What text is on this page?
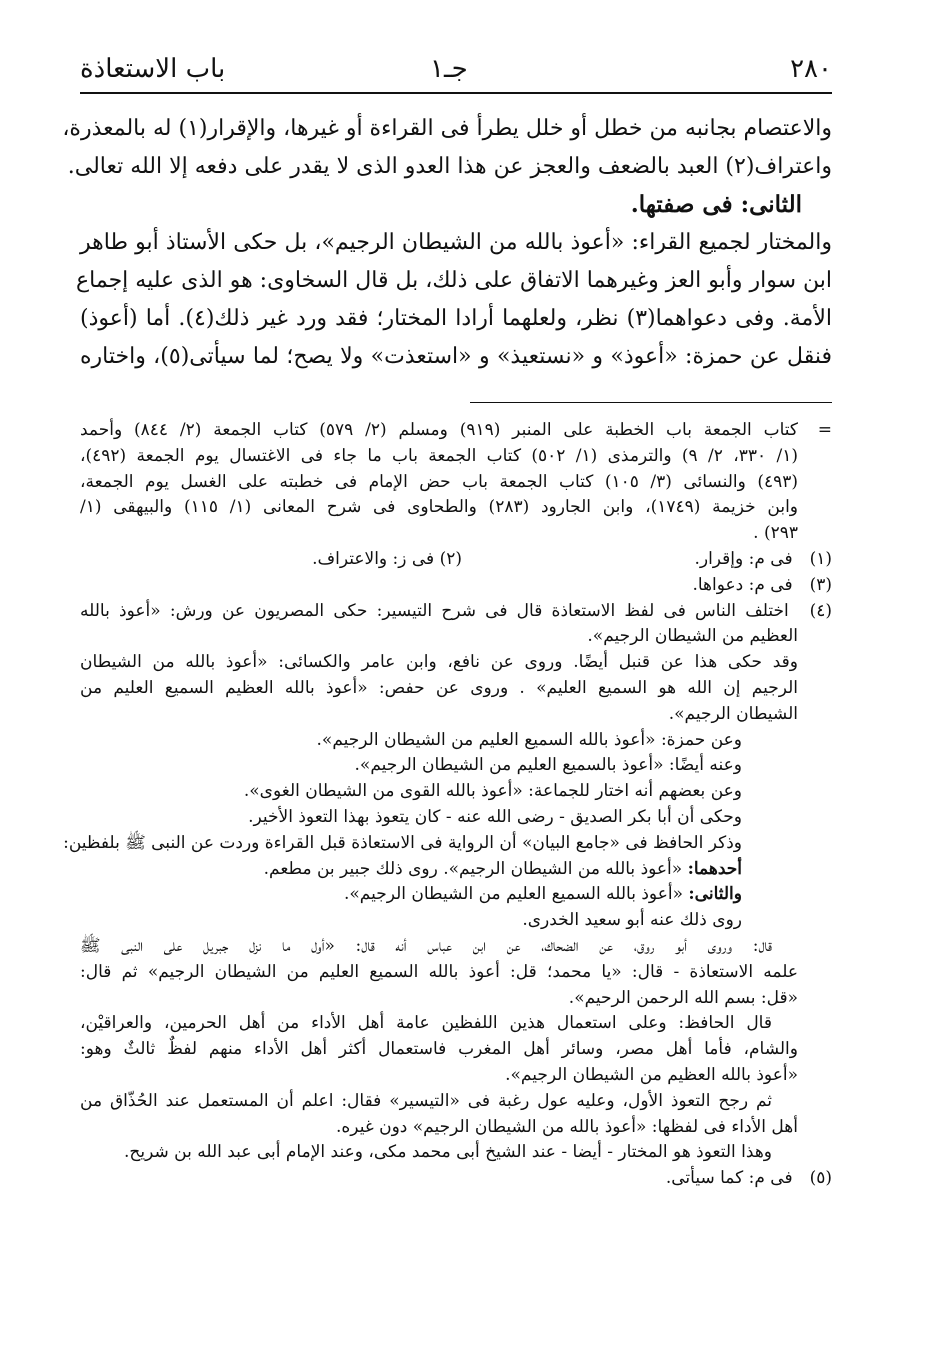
٢٨٠
جـ١
باب الاستعاذة
والاعتصام بجانبه من خطل أو خلل يطرأ فى القراءة أو غيرها، والإقرار(١) له بالمعذرة،
واعتراف(٢) العبد بالضعف والعجز عن هذا العدو الذى لا يقدر على دفعه إلا الله تعالى.
الثانى: فى صفتها.
والمختار لجميع القراء: «أعوذ بالله من الشيطان الرجيم»، بل حكى الأستاذ أبو طاهر
ابن سوار وأبو العز وغيرهما الاتفاق على ذلك، بل قال السخاوى: هو الذى عليه إجماع
الأمة. وفى دعواهما(٣) نظر، ولعلهما أرادا المختار؛ فقد ورد غير ذلك(٤). أما (أعوذ)
فنقل عن حمزة: «أعوذ» و «نستعيذ» و «استعذت» ولا يصح؛ لما سيأتى(٥)، واختاره
=كتاب الجمعة باب الخطبة على المنبر (٩١٩) ومسلم (٢/ ٥٧٩) كتاب الجمعة (٢/ ٨٤٤) وأحمد
(١/ ٣٣٠، ٢/ ٩) والترمذى (١/ ٥٠٢) كتاب الجمعة باب ما جاء فى الاغتسال يوم الجمعة (٤٩٢)،
(٤٩٣) والنسائى (٣/ ١٠٥) كتاب الجمعة باب حض الإمام فى خطبته على الغسل يوم الجمعة،
وابن خزيمة (١٧٤٩)، وابن الجارود (٢٨٣) والطحاوى فى شرح المعانى (١/ ١١٥) والبيهقى (١/
٢٩٣) .
(١) فى م: وإقرار.
(٢) فى ز: والاعتراف.
(٣) فى م: دعواها.
(٤) اختلف الناس فى لفظ الاستعاذة قال فى شرح التيسير: حكى المصريون عن ورش: «أعوذ بالله
العظيم من الشيطان الرجيم».
وقد حكى هذا عن قنبل أيضًا. وروى عن نافع، وابن عامر والكسائى: «أعوذ بالله من الشيطان
الرجيم إن الله هو السميع العليم» . وروى عن حفص: «أعوذ بالله العظيم السميع العليم من
الشيطان الرجيم».
وعن حمزة: «أعوذ بالله السميع العليم من الشيطان الرجيم».
وعنه أيضًا: «أعوذ بالسميع العليم من الشيطان الرجيم».
وعن بعضهم أنه اختار للجماعة: «أعوذ بالله القوى من الشيطان الغوى».
وحكى أن أبا بكر الصديق - رضى الله عنه - كان يتعوذ بهذا التعوذ الأخير.
وذكر الحافظ فى «جامع البيان» أن الرواية فى الاستعاذة قبل القراءة وردت عن النبى ﷺ بلفظين:
أحدهما: «أعوذ بالله من الشيطان الرجيم». روى ذلك جبير بن مطعم.
والثانى: «أعوذ بالله السميع العليم من الشيطان الرجيم».
روى ذلك عنه أبو سعيد الخدرى.
قال: وروى أبو روق، عن الضحاك، عن ابن عباس أنه قال: «أول ما نزل جبريل على النبى ﷺ
علمه الاستعاذة - قال: «يا محمد؛ قل: أعوذ بالله السميع العليم من الشيطان الرجيم» ثم قال:
«قل: بسم الله الرحمن الرحيم».
قال الحافظ: وعلى استعمال هذين اللفظين عامة أهل الأداء من أهل الحرمين، والعراقيْن،
والشام، فأما أهل مصر، وسائر أهل المغرب فاستعمال أكثر أهل الأداء منهم لفظٌ ثالثٌ وهو:
«أعوذ بالله العظيم من الشيطان الرجيم».
ثم رجح التعوذ الأول، وعليه عول رغبة فى «التيسير» فقال: اعلم أن المستعمل عند الحُذّاق من
أهل الأداء فى لفظها: «أعوذ بالله من الشيطان الرجيم» دون غيره.
وهذا التعوذ هو المختار - أيضا - عند الشيخ أبى محمد مكى، وعند الإمام أبى عبد الله بن شريح.
(٥) فى م: كما سيأتى.
